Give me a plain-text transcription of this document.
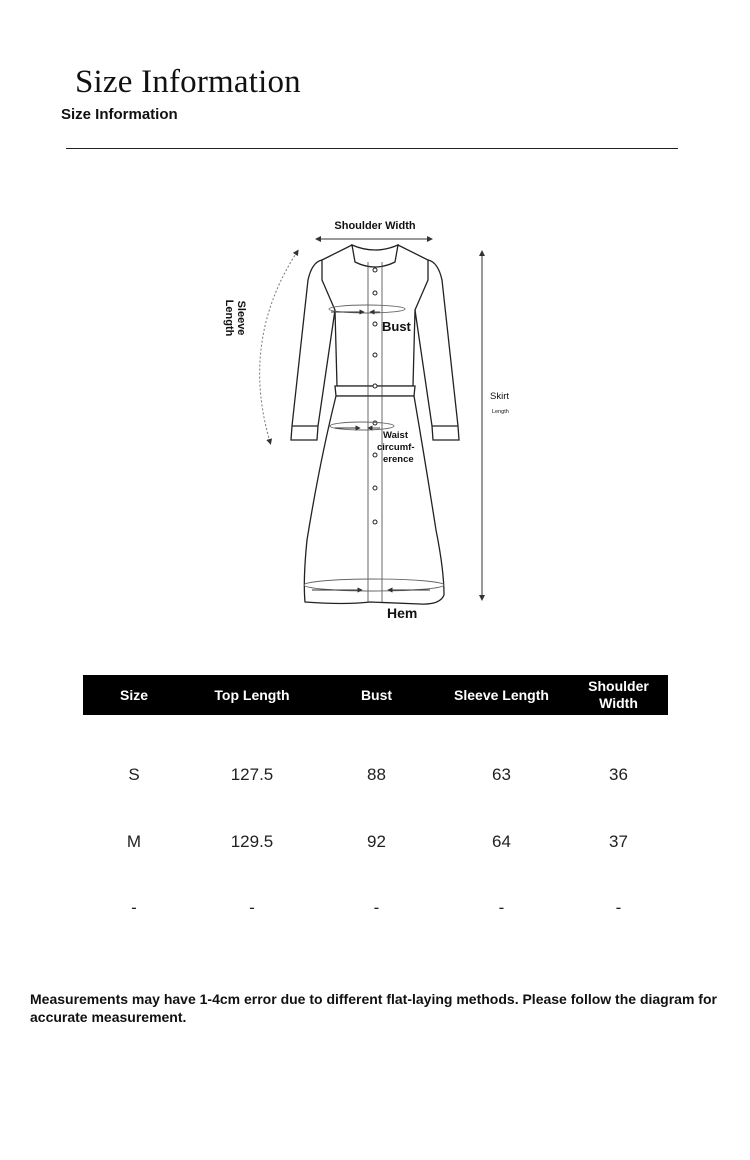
Size Information
Size Information
Shoulder Width
Sleeve
Length	Bust
Waist
circumf-
erence
Skirt
Length
Hem
Size	Top Length	Bust	Sleeve Length
Shoulder
Width
S	127.5	88	63	36
M	129.5	92	64	37
-	-	-	-	-
Measurements may have 1-4cm error due to different flat-laying methods. Please follow the diagram for accurate measurement.
